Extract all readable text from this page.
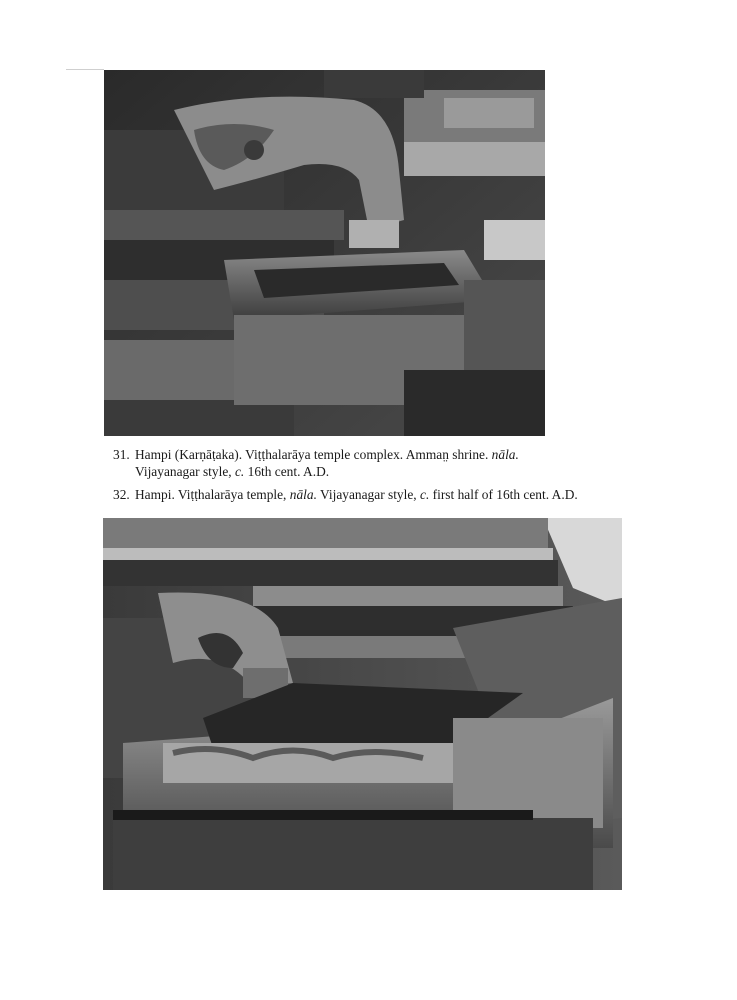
31. Hampi (Karṇāṭaka). Viṭṭhalarāya temple complex. Amman̤ shrine. nāla.
Vijayanagar style, c. 16th cent. A.D.
32. Hampi. Viṭṭhalarāya temple, nāla. Vijayanagar style, c. first half of 16th cent. A.D.
